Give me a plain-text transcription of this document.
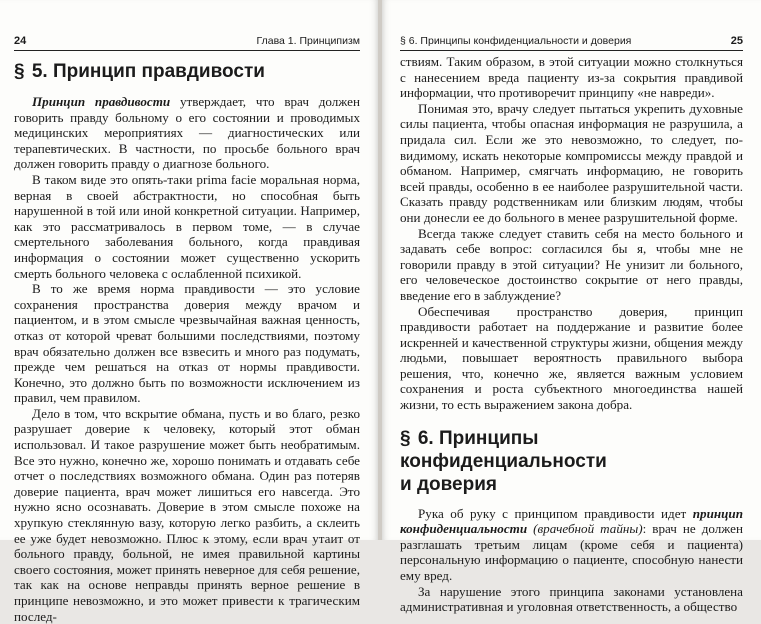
24	Глава 1. Принципизм
§ 5. Принцип правдивости

Принцип правдивости утверждает, что врач должен говорить правду больному о его состоянии и проводимых медицинских мероприятиях — диагностических или терапевтических. В частности, по просьбе больного врач должен говорить правду о диагнозе больного.

В таком виде это опять-таки prima facie моральная норма, верная в своей абстрактности, но способная быть нарушенной в той или иной конкретной ситуации. Например, как это рассматривалось в первом томе, — в случае смертельного заболевания больного, когда правдивая информация о состоянии может существенно ускорить смерть больного человека с ослабленной психикой.

В то же время норма правдивости — это условие сохранения пространства доверия между врачом и пациентом, и в этом смысле чрезвычайная важная ценность, отказ от которой чреват большими последствиями, поэтому врач обязательно должен все взвесить и много раз подумать, прежде чем решаться на отказ от нормы правдивости. Конечно, это должно быть по возможности исключением из правил, чем правилом.

Дело в том, что вскрытие обмана, пусть и во благо, резко разрушает доверие к человеку, который этот обман использовал. И такое разрушение может быть необратимым. Все это нужно, конечно же, хорошо понимать и отдавать себе отчет о последствиях возможного обмана. Один раз потеряв доверие пациента, врач может лишиться его навсегда. Это нужно ясно осознавать. Доверие в этом смысле похоже на хрупкую стеклянную вазу, которую легко разбить, а склеить ее уже будет невозможно. Плюс к этому, если врач утаит от больного правду, больной, не имея правильной картины своего состояния, может принять неверное для себя решение, так как на основе неправды принять верное решение в принципе невозможно, и это может привести к трагическим послед-

§ 6. Принципы конфиденциальности и доверия	25

ствиям. Таким образом, в этой ситуации можно столкнуться с нанесением вреда пациенту из-за сокрытия правдивой информации, что противоречит принципу «не навреди».

Понимая это, врачу следует пытаться укрепить духовные силы пациента, чтобы опасная информация не разрушила, а придала сил. Если же это невозможно, то следует, по-видимому, искать некоторые компромиссы между правдой и обманом. Например, смягчать информацию, не говорить всей правды, особенно в ее наиболее разрушительной части. Сказать правду родственникам или близким людям, чтобы они донесли ее до больного в менее разрушительной форме.

Всегда также следует ставить себя на место больного и задавать себе вопрос: согласился бы я, чтобы мне не говорили правду в этой ситуации? Не унизит ли больного, его человеческое достоинство сокрытие от него правды, введение его в заблуждение?

Обеспечивая пространство доверия, принцип правдивости работает на поддержание и развитие более искренней и качественной структуры жизни, общения между людьми, повышает вероятность правильного выбора решения, что, конечно же, является важным условием сохранения и роста субъектного многоединства нашей жизни, то есть выражением закона добра.

§ 6. Принципы конфиденциальности
и доверия

Рука об руку с принципом правдивости идет принцип конфиденциальности (врачебной тайны): врач не должен разглашать третьим лицам (кроме себя и пациента) персональную информацию о пациенте, способную нанести ему вред.

За нарушение этого принципа законами установлена административная и уголовная ответственность, а общество
